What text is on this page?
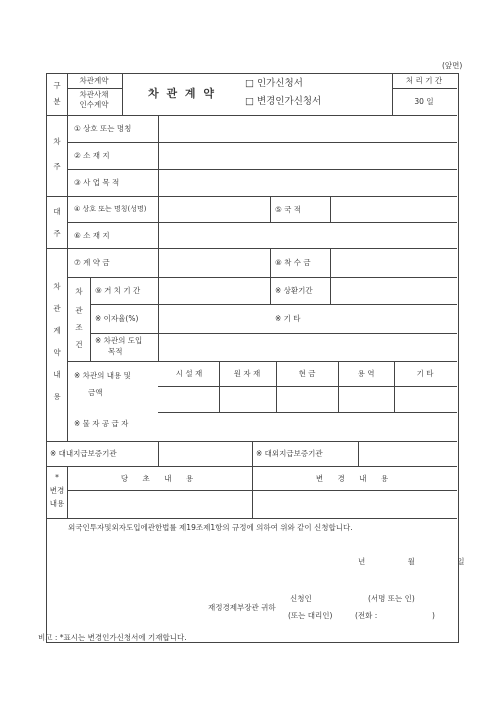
(앞면)
구
분
차관계약
차관사채
인수계약
차 관 계 약
□ 인가신청서
□ 변경인가신청서
처 리 기 간
30 일
차
주
① 상호 또는 명칭
② 소 재 지
③ 사 업 목 적
대
주
④ 상호 또는 명칭(성명)	⑤ 국 적
⑥ 소 재 지
차
관
계
약
내
용
⑦ 계 약 금	⑧ 착 수 금
차
관
조
건
⑨ 거 치 기 간	※ 상환기간
※ 이자율(%)	※ 기 타
※ 차관의 도입
목적
※ 차관의 내용 및
금액
시 설 재	원 자 재	현 금	용 역	기 타
※ 물 자 공 급 자
※ 대내지급보증기관	※ 대외지급보증기관
*
변경
내용
당 초 내 용	변 경 내 용
외국인투자및외자도입에관한법률 제19조제1항의 규정에 의하여 위와 같이 신청합니다.
년 월 일
신청인	(서명 또는 인)
재정경제부장관 귀하
(또는 대리인)	(전화 :	)
비고 : *표시는 변경인가신청서에 기재합니다.
